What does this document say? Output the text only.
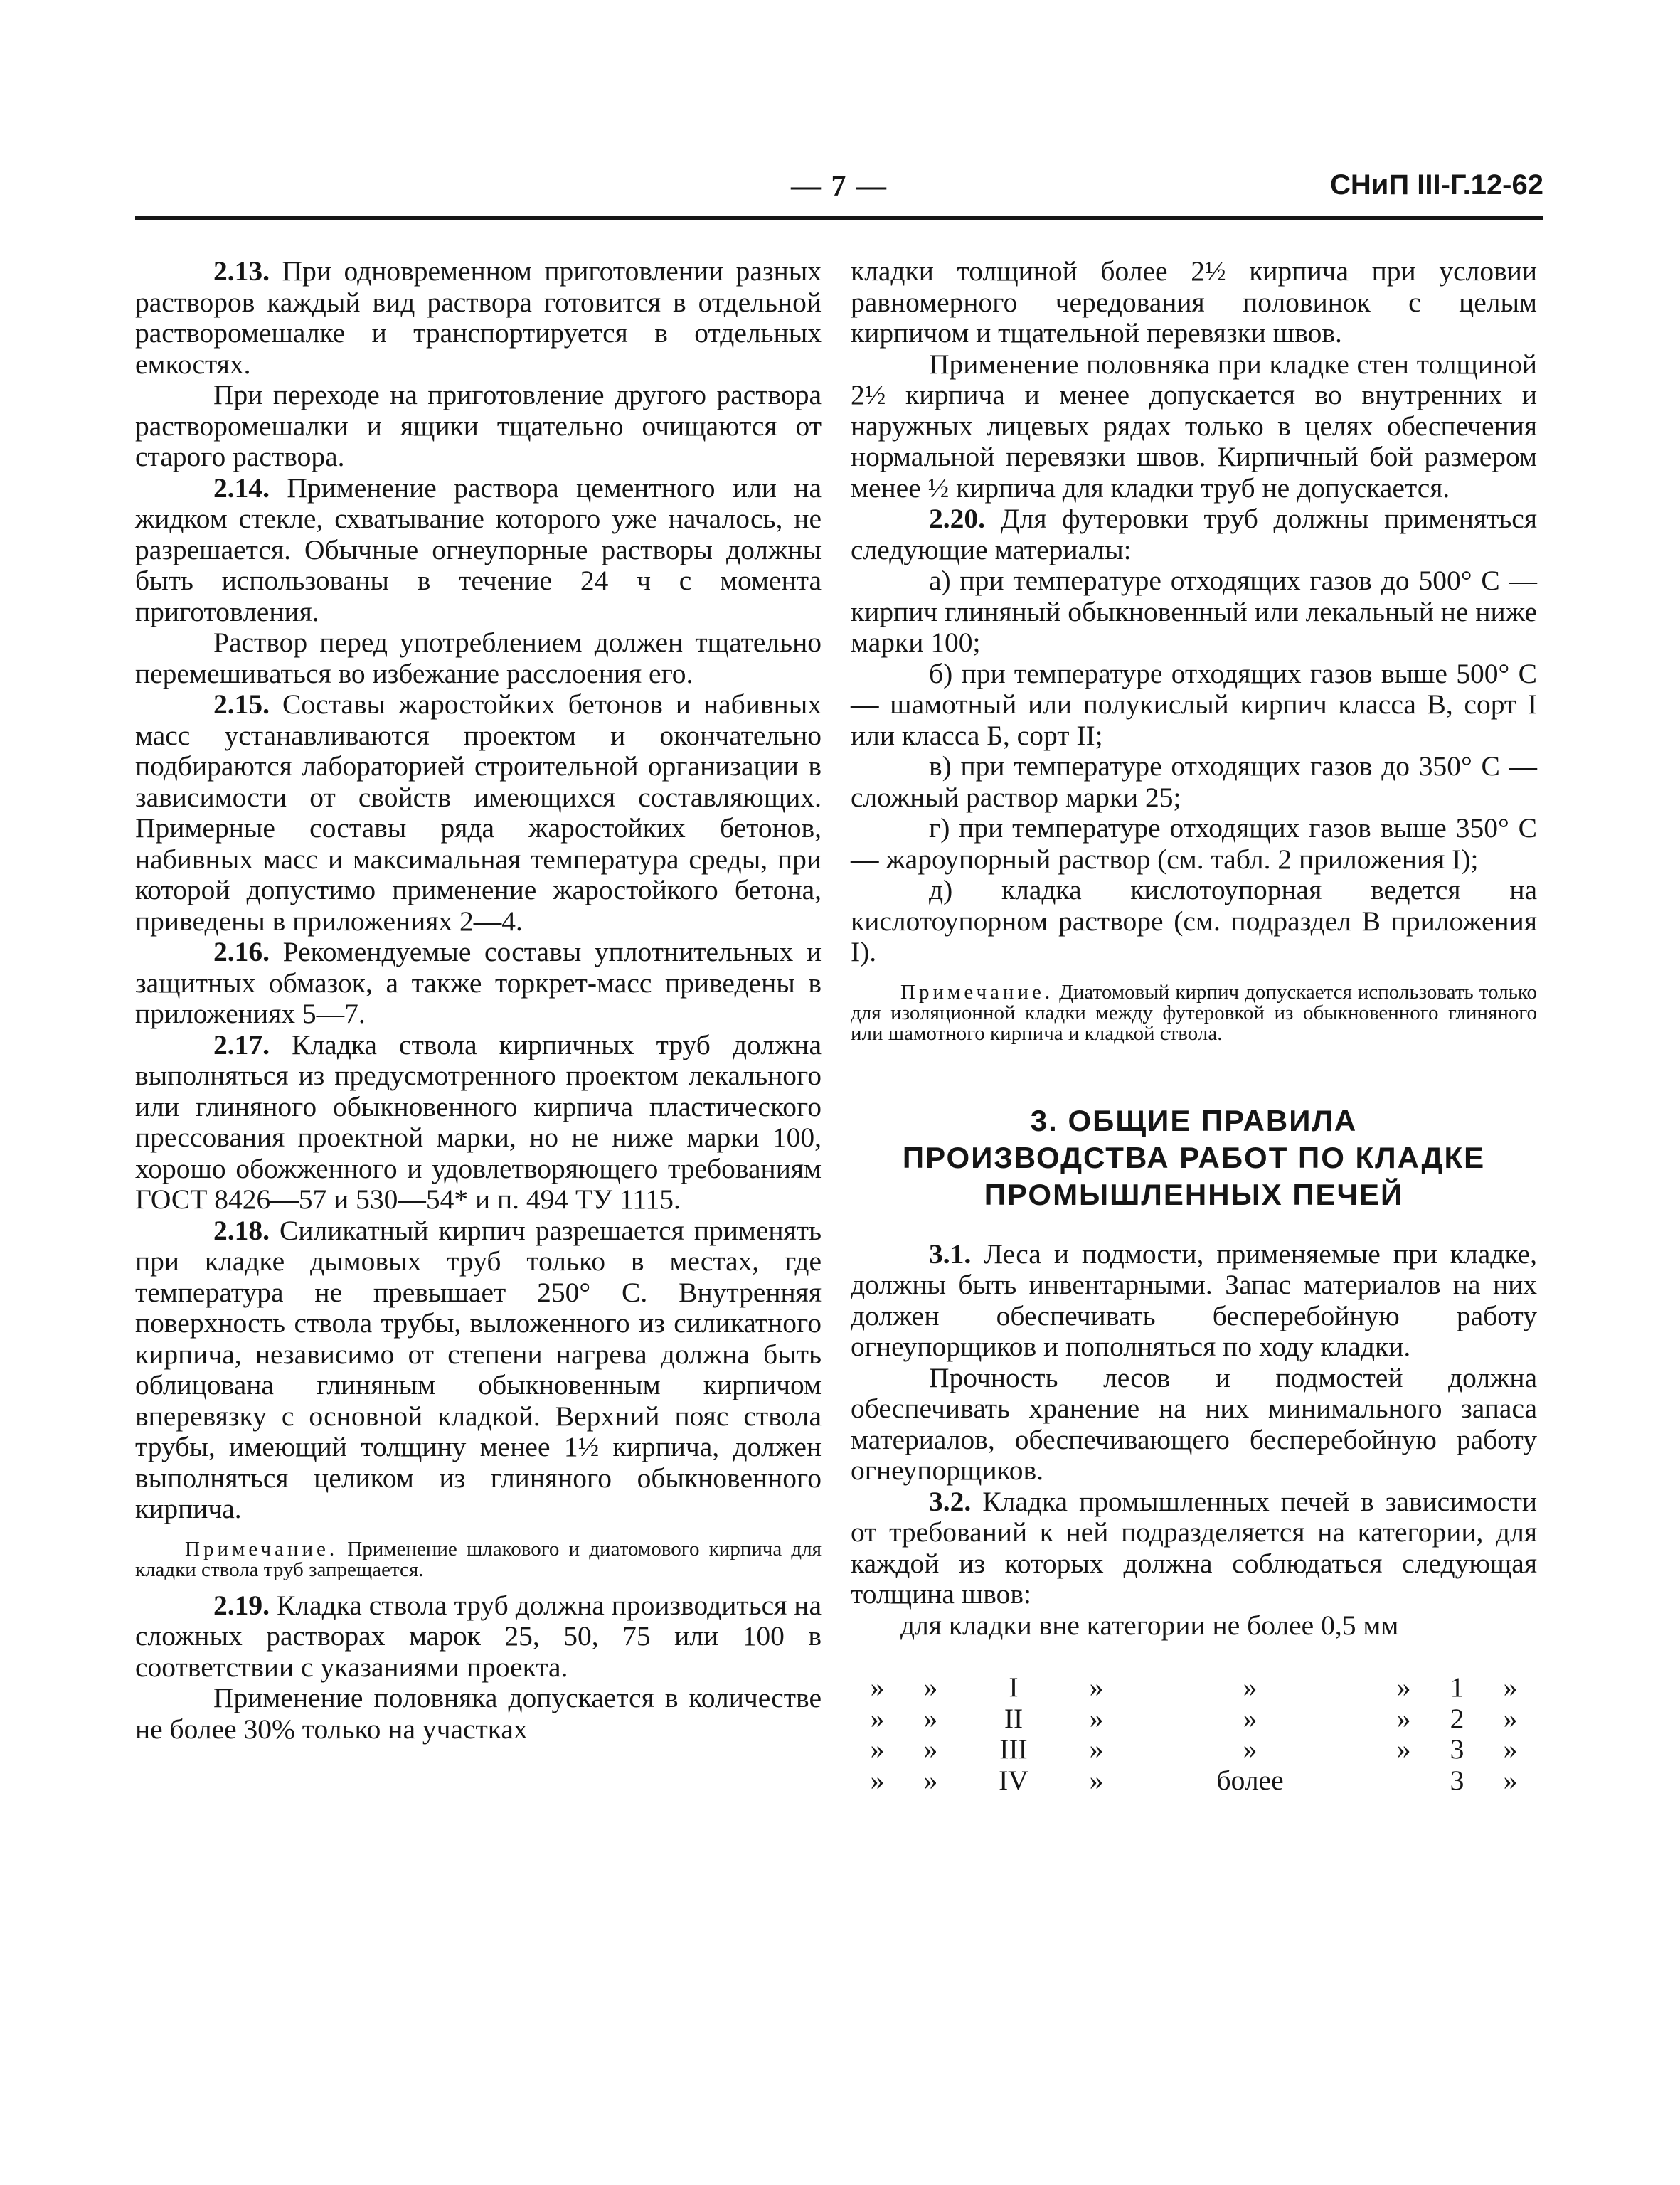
— 7 —	СНиП III-Г.12-62

2.13. При одновременном приготовлении разных растворов каждый вид раствора готовится в отдельной растворомешалке и транспортируется в отдельных емкостях.

При переходе на приготовление другого раствора растворомешалки и ящики тщательно очищаются от старого раствора.

2.14. Применение раствора цементного или на жидком стекле, схватывание которого уже началось, не разрешается. Обычные огнеупорные растворы должны быть использованы в течение 24 ч с момента приготовления.

Раствор перед употреблением должен тщательно перемешиваться во избежание расслоения его.

2.15. Составы жаростойких бетонов и набивных масс устанавливаются проектом и окончательно подбираются лабораторией строительной организации в зависимости от свойств имеющихся составляющих. Примерные составы ряда жаростойких бетонов, набивных масс и максимальная температура среды, при которой допустимо применение жаростойкого бетона, приведены в приложениях 2—4.

2.16. Рекомендуемые составы уплотнительных и защитных обмазок, а также торкрет-масс приведены в приложениях 5—7.

2.17. Кладка ствола кирпичных труб должна выполняться из предусмотренного проектом лекального или глиняного обыкновенного кирпича пластического прессования проектной марки, но не ниже марки 100, хорошо обожженного и удовлетворяющего требованиям ГОСТ 8426—57 и 530—54* и п. 494 ТУ 1115.

2.18. Силикатный кирпич разрешается применять при кладке дымовых труб только в местах, где температура не превышает 250° С. Внутренняя поверхность ствола трубы, выложенного из силикатного кирпича, независимо от степени нагрева должна быть облицована глиняным обыкновенным кирпичом вперевязку с основной кладкой. Верхний пояс ствола трубы, имеющий толщину менее 1½ кирпича, должен выполняться целиком из глиняного обыкновенного кирпича.

Примечание. Применение шлакового и диатомового кирпича для кладки ствола труб запрещается.

2.19. Кладка ствола труб должна производиться на сложных растворах марок 25, 50, 75 или 100 в соответствии с указаниями проекта.

Применение половняка допускается в количестве не более 30% только на участках

кладки толщиной более 2½ кирпича при условии равномерного чередования половинок с целым кирпичом и тщательной перевязки швов.

Применение половняка при кладке стен толщиной 2½ кирпича и менее допускается во внутренних и наружных лицевых рядах только в целях обеспечения нормальной перевязки швов. Кирпичный бой размером менее ½ кирпича для кладки труб не допускается.

2.20. Для футеровки труб должны применяться следующие материалы:

а) при температуре отходящих газов до 500° С — кирпич глиняный обыкновенный или лекальный не ниже марки 100;

б) при температуре отходящих газов выше 500° С — шамотный или полукислый кирпич класса В, сорт I или класса Б, сорт II;

в) при температуре отходящих газов до 350° С — сложный раствор марки 25;

г) при температуре отходящих газов выше 350° С — жароупорный раствор (см. табл. 2 приложения I);

д) кладка кислотоупорная ведется на кислотоупорном растворе (см. подраздел В приложения I).

Примечание. Диатомовый кирпич допускается использовать только для изоляционной кладки между футеровкой из обыкновенного глиняного или шамотного кирпича и кладкой ствола.

3. ОБЩИЕ ПРАВИЛА
ПРОИЗВОДСТВА РАБОТ ПО КЛАДКЕ
ПРОМЫШЛЕННЫХ ПЕЧЕЙ

3.1. Леса и подмости, применяемые при кладке, должны быть инвентарными. Запас материалов на них должен обеспечивать бесперебойную работу огнеупорщиков и пополняться по ходу кладки.

Прочность лесов и подмостей должна обеспечивать хранение на них минимального запаса материалов, обеспечивающего бесперебойную работу огнеупорщиков.

3.2. Кладка промышленных печей в зависимости от требований к ней подразделяется на категории, для каждой из которых должна соблюдаться следующая толщина швов:

для кладки вне категории не более 0,5 мм

»	»	I	»	»	»	1	»
»	»	II	»	»	»	2	»
»	»	III	»	»	»	3	»
»	»	IV	»	более		3	»
